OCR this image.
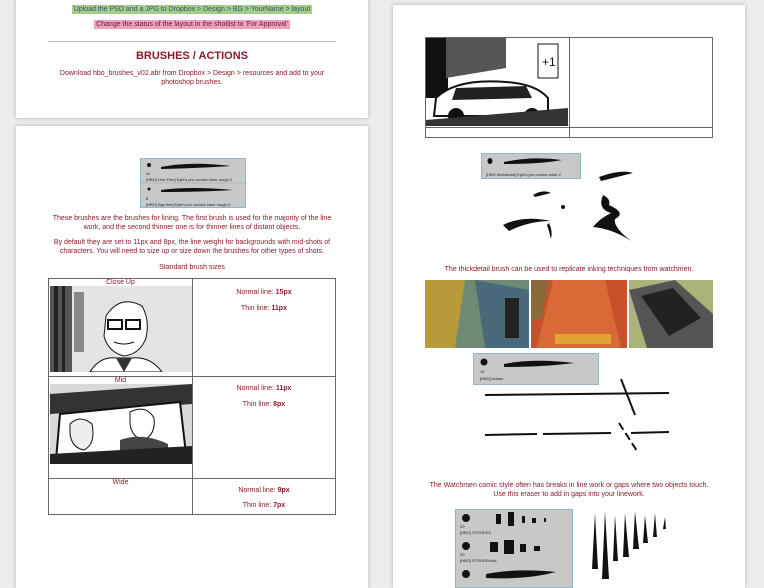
Upload the PSD and a JPG to Dropbox > Design > BG > YourName > layout
Change the status of the layout in the shotlist to 'For Approval'
BRUSHES / ACTIONS
Download hbo_brushes_v02.abr from Dropbox > Design > resources and add to your
photoshop brushes.
11
[HBO] Line Fine] Kyle's pro comics inker rough 2
8
[HBO] Bgs fine] Kyle's pro comics inker rough 2
These brushes are the brushes for lining. The first brush is used for the majority of the line
work, and the second thinner one is for thinner lines of distant objects.
By default they are set to 11px and 8px, the line weight for backgrounds with mid-shots of
characters. You will need to size up or size down the brushes for other types of shots.
Standard brush sizes
Close Up	Normal line: 15px
Thin line: 11px

Mid	Normal line: 11px
Thin line: 8px

Wide	Normal line: 9px
Thin line: 7px
+1	

[HBO thickdetail] Kyle's pro comics inker 2
The thickdetail brush can be used to replicate inking techniques from watchmen.
15
[HBO] eraser
The Watchmen comic style often has breaks in line work or gaps where two objects touch.
Use this eraser to add in gaps into your linework.
20
[HBO] STROKE6
20
[HBO] STROKEthick
